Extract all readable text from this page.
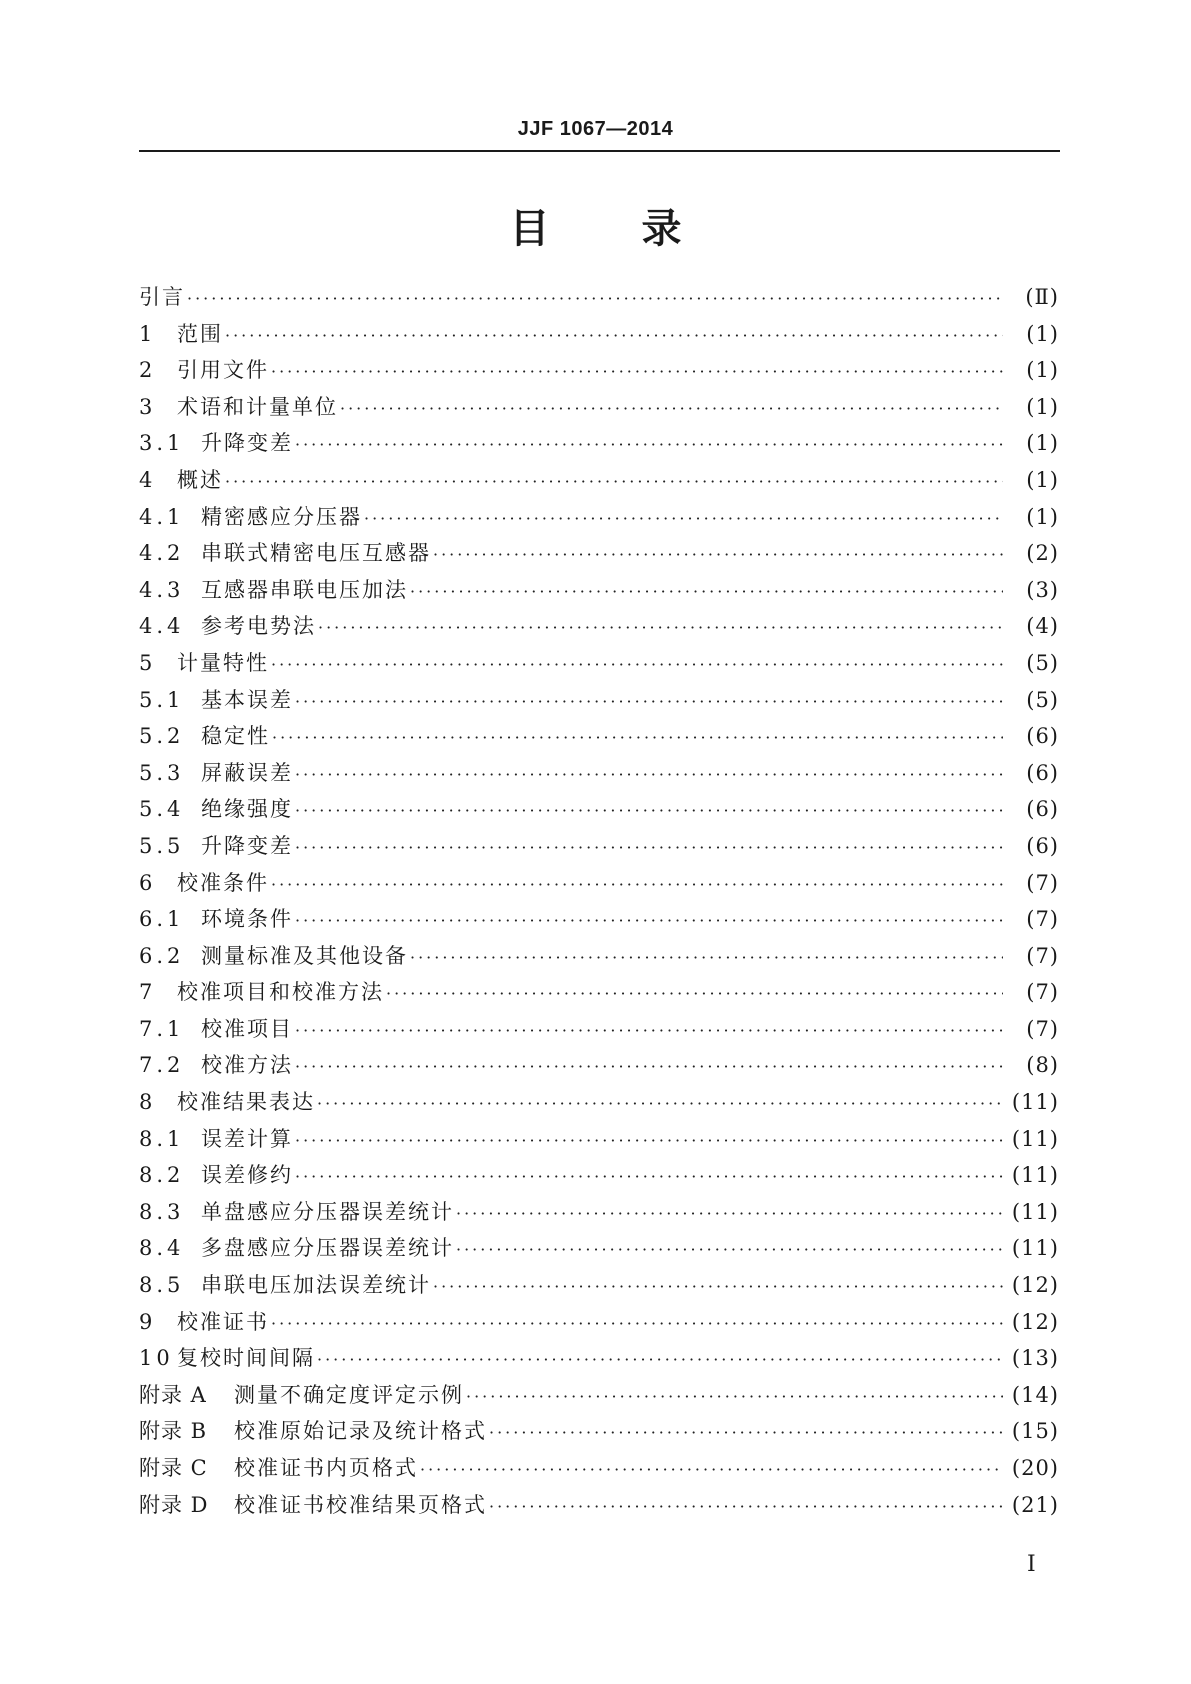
JJF 1067—2014
目 录
引言 ·····	(Ⅱ)
1 范围 ·····	(1)
2 引用文件 ·····	(1)
3 术语和计量单位 ·····	(1)
3.1 升降变差 ·····	(1)
4 概述 ·····	(1)
4.1 精密感应分压器 ·····	(1)
4.2 串联式精密电压互感器 ·····	(2)
4.3 互感器串联电压加法 ·····	(3)
4.4 参考电势法 ·····	(4)
5 计量特性 ·····	(5)
5.1 基本误差 ·····	(5)
5.2 稳定性 ·····	(6)
5.3 屏蔽误差 ·····	(6)
5.4 绝缘强度 ·····	(6)
5.5 升降变差 ·····	(6)
6 校准条件 ·····	(7)
6.1 环境条件 ·····	(7)
6.2 测量标准及其他设备 ·····	(7)
7 校准项目和校准方法 ·····	(7)
7.1 校准项目 ·····	(7)
7.2 校准方法 ·····	(8)
8 校准结果表达 ·····	(11)
8.1 误差计算 ·····	(11)
8.2 误差修约 ·····	(11)
8.3 单盘感应分压器误差统计 ·····	(11)
8.4 多盘感应分压器误差统计 ·····	(11)
8.5 串联电压加法误差统计 ·····	(12)
9 校准证书 ·····	(12)
10 复校时间间隔 ·····	(13)
附录 A	测量不确定度评定示例 ·····	(14)
附录 B	校准原始记录及统计格式 ·····	(15)
附录 C	校准证书内页格式 ·····	(20)
附录 D	校准证书校准结果页格式 ·····	(21)
Ⅰ
